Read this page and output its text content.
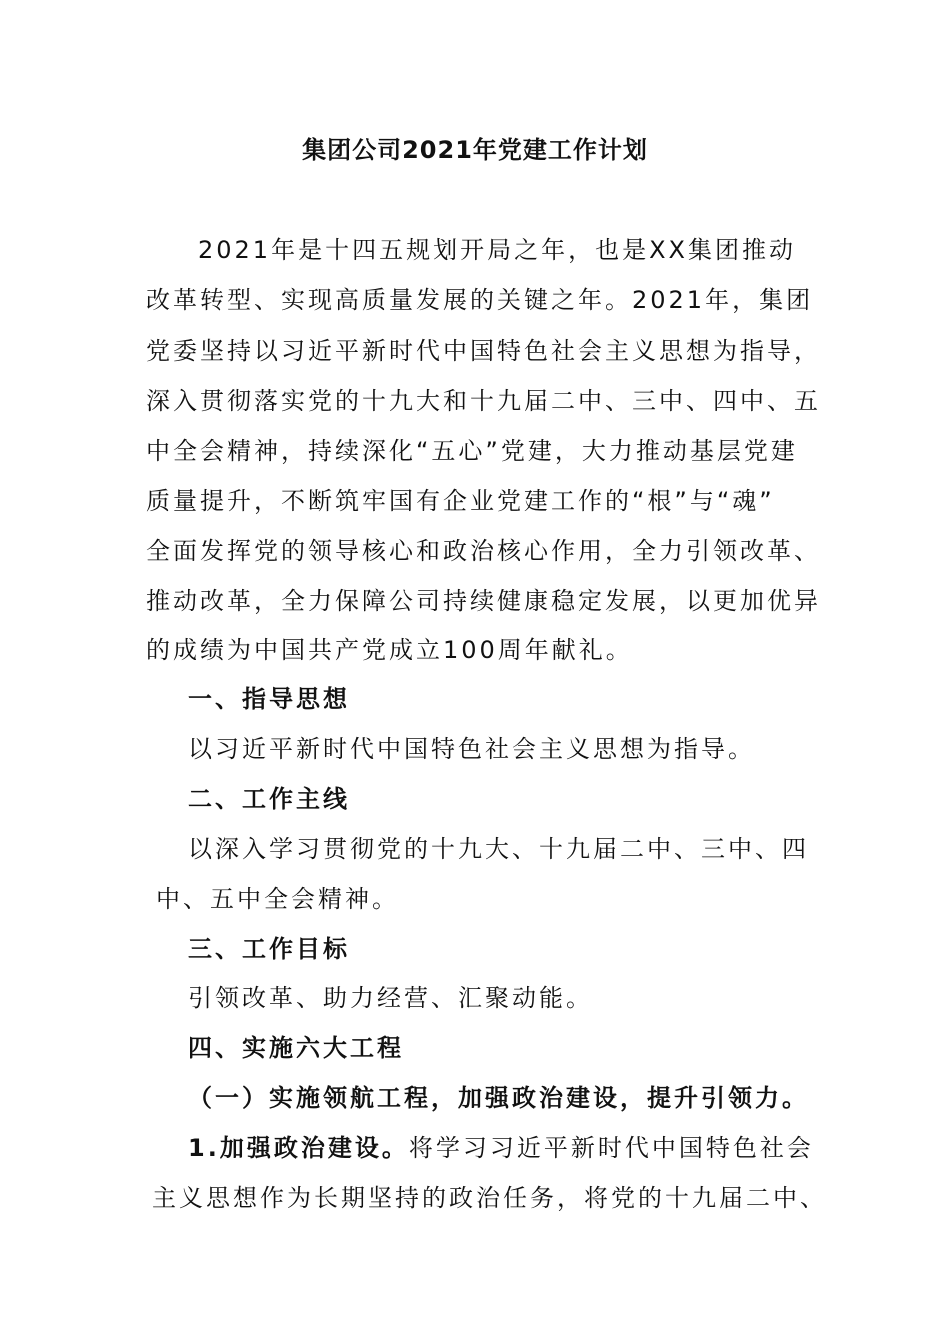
集团公司2021年党建工作计划
2021年是十四五规划开局之年，也是XX集团推动
改革转型、实现高质量发展的关键之年。2021年，集团
党委坚持以习近平新时代中国特色社会主义思想为指导，
深入贯彻落实党的十九大和十九届二中、三中、四中、五
中全会精神，持续深化“五心”党建，大力推动基层党建
质量提升，不断筑牢国有企业党建工作的“根”与“魂”
全面发挥党的领导核心和政治核心作用，全力引领改革、
推动改革，全力保障公司持续健康稳定发展，以更加优异
的成绩为中国共产党成立100周年献礼。
一、指导思想
以习近平新时代中国特色社会主义思想为指导。
二、工作主线
以深入学习贯彻党的十九大、十九届二中、三中、四
中、五中全会精神。
三、工作目标
引领改革、助力经营、汇聚动能。
四、实施六大工程
（一）实施领航工程，加强政治建设，提升引领力。
1.加强政治建设。将学习习近平新时代中国特色社会
主义思想作为长期坚持的政治任务，将党的十九届二中、
